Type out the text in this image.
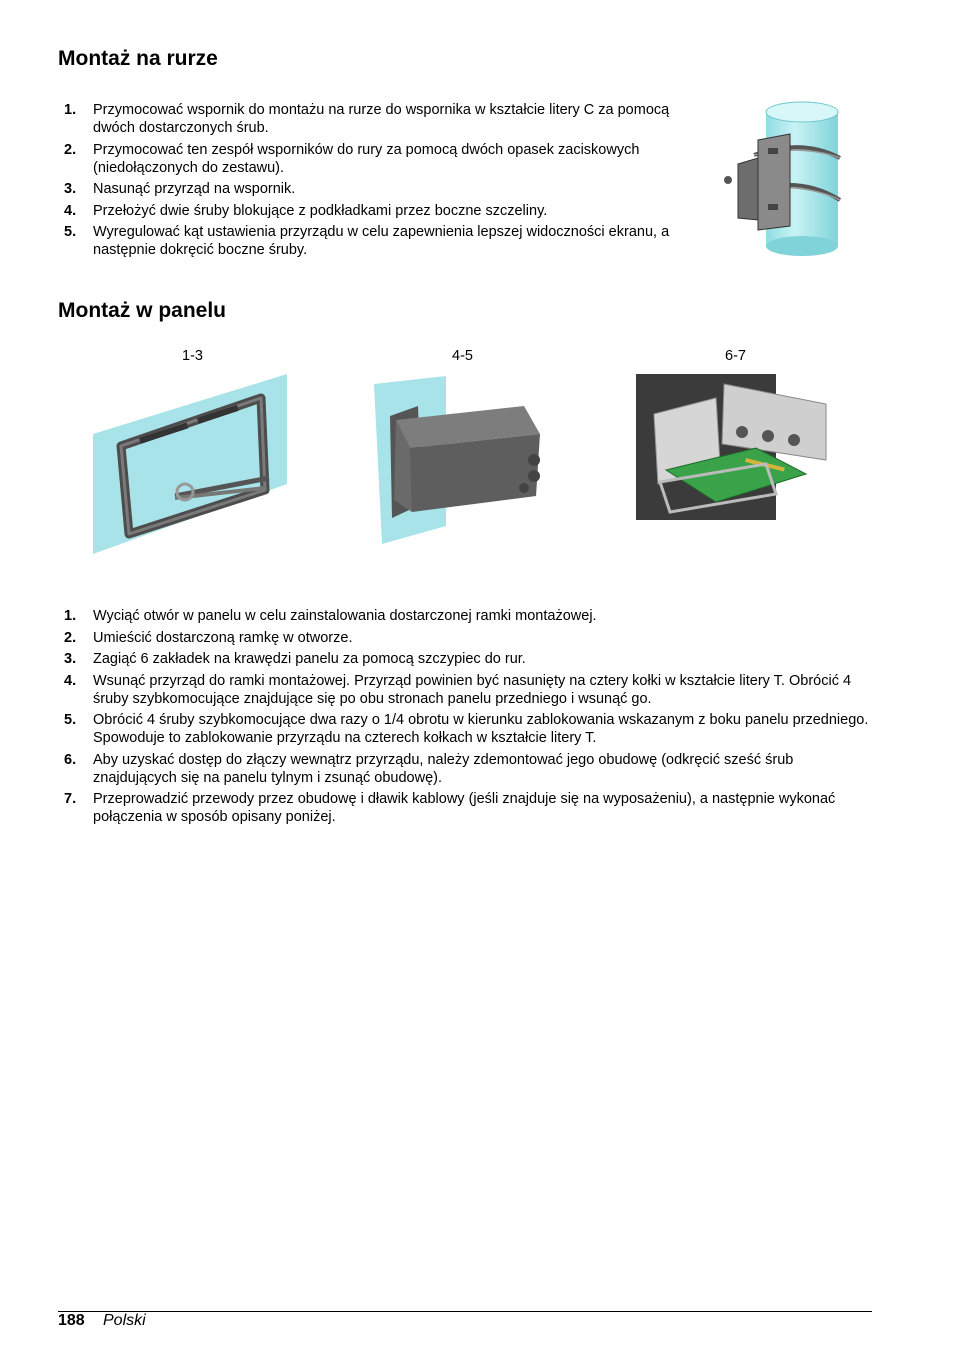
Montaż na rurze
1. Przymocować wspornik do montażu na rurze do wspornika w kształcie litery C za pomocą dwóch dostarczonych śrub.
2. Przymocować ten zespół wsporników do rury za pomocą dwóch opasek zaciskowych (niedołączonych do zestawu).
3. Nasunąć przyrząd na wspornik.
4. Przełożyć dwie śruby blokujące z podkładkami przez boczne szczeliny.
5. Wyregulować kąt ustawienia przyrządu w celu zapewnienia lepszej widoczności ekranu, a następnie dokręcić boczne śruby.
Montaż w panelu
1-3	4-5	6-7
1. Wyciąć otwór w panelu w celu zainstalowania dostarczonej ramki montażowej.
2. Umieścić dostarczoną ramkę w otworze.
3. Zagiąć 6 zakładek na krawędzi panelu za pomocą szczypiec do rur.
4. Wsunąć przyrząd do ramki montażowej. Przyrząd powinien być nasunięty na cztery kołki w kształcie litery T. Obrócić 4 śruby szybkomocujące znajdujące się po obu stronach panelu przedniego i wsunąć go.
5. Obrócić 4 śruby szybkomocujące dwa razy o 1/4 obrotu w kierunku zablokowania wskazanym z boku panelu przedniego. Spowoduje to zablokowanie przyrządu na czterech kołkach w kształcie litery T.
6. Aby uzyskać dostęp do złączy wewnątrz przyrządu, należy zdemontować jego obudowę (odkręcić sześć śrub znajdujących się na panelu tylnym i zsunąć obudowę).
7. Przeprowadzić przewody przez obudowę i dławik kablowy (jeśli znajduje się na wyposażeniu), a następnie wykonać połączenia w sposób opisany poniżej.
188 Polski
